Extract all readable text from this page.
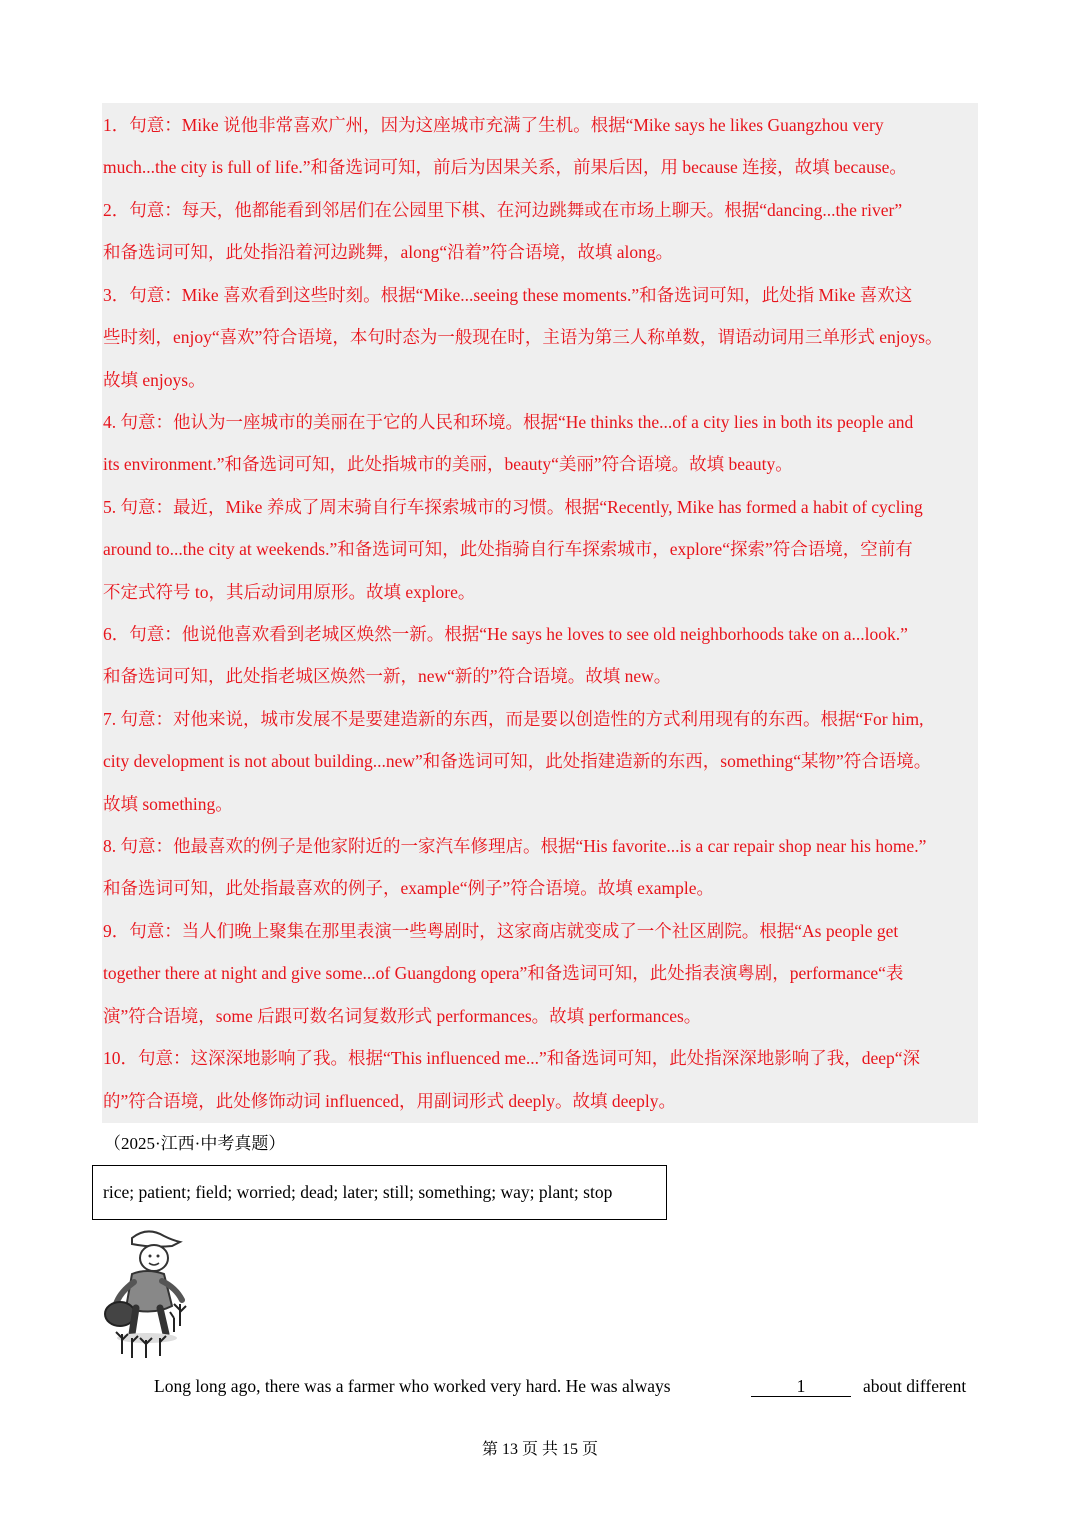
1．句意：Mike 说他非常喜欢广州，因为这座城市充满了生机。根据“Mike says he likes Guangzhou very
much...the city is full of life.”和备选词可知，前后为因果关系，前果后因，用 because 连接，故填 because。
2．句意：每天，他都能看到邻居们在公园里下棋、在河边跳舞或在市场上聊天。根据“dancing...the river”
和备选词可知，此处指沿着河边跳舞，along“沿着”符合语境，故填 along。
3．句意：Mike 喜欢看到这些时刻。根据“Mike...seeing these moments.”和备选词可知，此处指 Mike 喜欢这
些时刻，enjoy“喜欢”符合语境，本句时态为一般现在时，主语为第三人称单数，谓语动词用三单形式 enjoys。
故填 enjoys。
4. 句意：他认为一座城市的美丽在于它的人民和环境。根据“He thinks the...of a city lies in both its people and
its environment.”和备选词可知，此处指城市的美丽，beauty“美丽”符合语境。故填 beauty。
5. 句意：最近，Mike 养成了周末骑自行车探索城市的习惯。根据“Recently, Mike has formed a habit of cycling
around to...the city at weekends.”和备选词可知，此处指骑自行车探索城市，explore“探索”符合语境，空前有
不定式符号 to，其后动词用原形。故填 explore。
6．句意：他说他喜欢看到老城区焕然一新。根据“He says he loves to see old neighborhoods take on a...look.”
和备选词可知，此处指老城区焕然一新，new“新的”符合语境。故填 new。
7. 句意：对他来说，城市发展不是要建造新的东西，而是要以创造性的方式利用现有的东西。根据“For him,
city development is not about building...new”和备选词可知，此处指建造新的东西，something“某物”符合语境。
故填 something。
8. 句意：他最喜欢的例子是他家附近的一家汽车修理店。根据“His favorite...is a car repair shop near his home.”
和备选词可知，此处指最喜欢的例子，example“例子”符合语境。故填 example。
9．句意：当人们晚上聚集在那里表演一些粤剧时，这家商店就变成了一个社区剧院。根据“As people get
together there at night and give some...of Guangdong opera”和备选词可知，此处指表演粤剧，performance“表
演”符合语境，some 后跟可数名词复数形式 performances。故填 performances。
10．句意：这深深地影响了我。根据“This influenced me...”和备选词可知，此处指深深地影响了我，deep“深
的”符合语境，此处修饰动词 influenced，用副词形式 deeply。故填 deeply。
（2025·江西·中考真题）
rice; patient; field; worried; dead; later; still; something; way; plant; stop
Long long ago, there was a farmer who worked very hard. He was always	1	about different
第 13 页 共 15 页
